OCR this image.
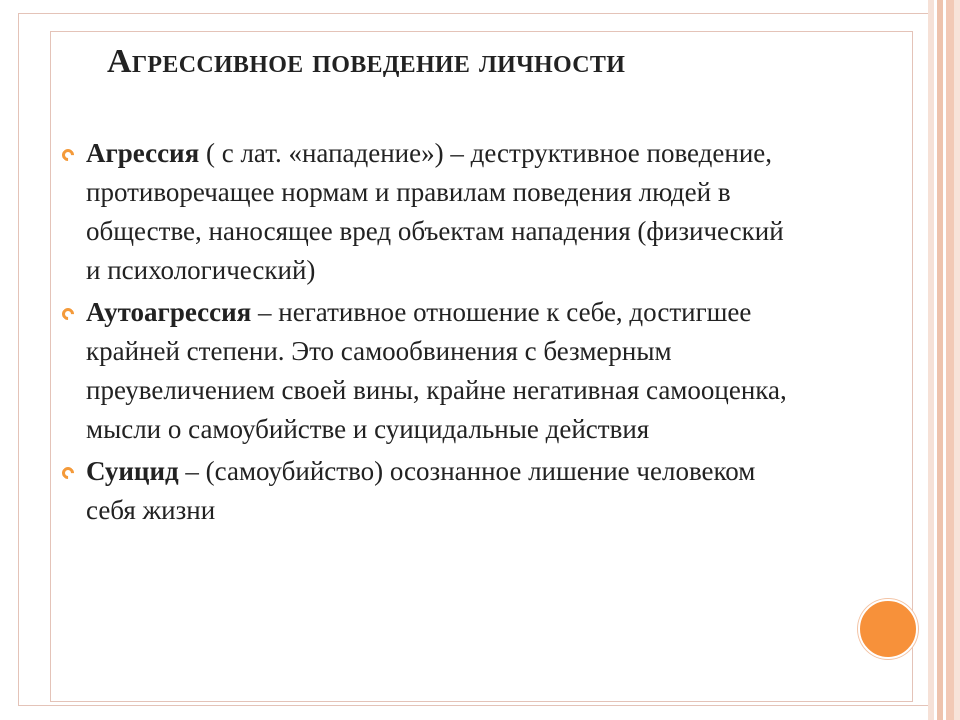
Агрессивное поведение личности
Агрессия ( с лат. «нападение») – деструктивное поведение, противоречащее нормам и правилам поведения людей в обществе, наносящее вред объектам нападения (физический и психологический)
Аутоагрессия – негативное отношение к себе, достигшее крайней степени. Это самообвинения с безмерным преувеличением своей вины, крайне негативная самооценка, мысли о самоубийстве и суицидальные действия
Суицид – (самоубийство) осознанное лишение человеком себя жизни
